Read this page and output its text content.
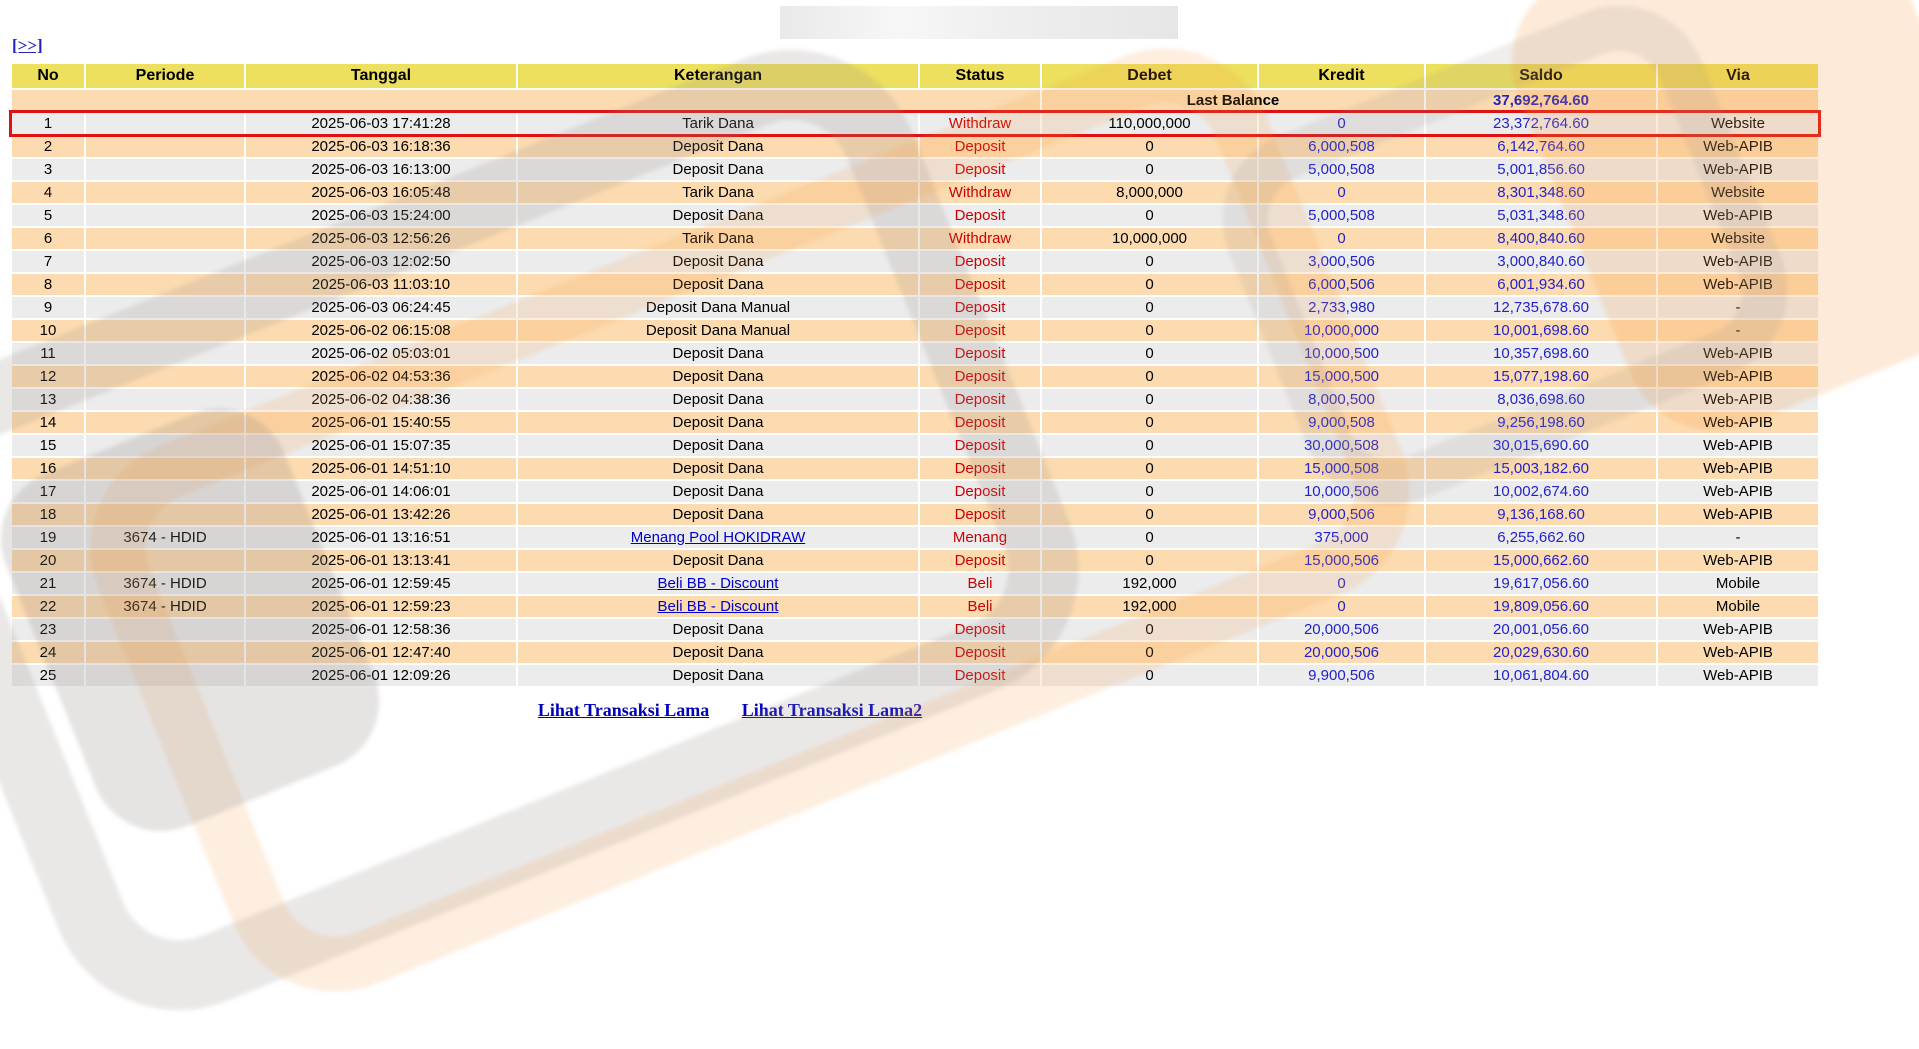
[>>]
No	Periode	Tanggal	Keterangan	Status	Debet	Kredit	Saldo	Via
					Last Balance		37,692,764.60	
1		2025-06-03 17:41:28	Tarik Dana	Withdraw	110,000,000	0	23,372,764.60	Website
2		2025-06-03 16:18:36	Deposit Dana	Deposit	0	6,000,508	6,142,764.60	Web-APIB
3		2025-06-03 16:13:00	Deposit Dana	Deposit	0	5,000,508	5,001,856.60	Web-APIB
4		2025-06-03 16:05:48	Tarik Dana	Withdraw	8,000,000	0	8,301,348.60	Website
5		2025-06-03 15:24:00	Deposit Dana	Deposit	0	5,000,508	5,031,348.60	Web-APIB
6		2025-06-03 12:56:26	Tarik Dana	Withdraw	10,000,000	0	8,400,840.60	Website
7		2025-06-03 12:02:50	Deposit Dana	Deposit	0	3,000,506	3,000,840.60	Web-APIB
8		2025-06-03 11:03:10	Deposit Dana	Deposit	0	6,000,506	6,001,934.60	Web-APIB
9		2025-06-03 06:24:45	Deposit Dana Manual	Deposit	0	2,733,980	12,735,678.60	-
10		2025-06-02 06:15:08	Deposit Dana Manual	Deposit	0	10,000,000	10,001,698.60	-
11		2025-06-02 05:03:01	Deposit Dana	Deposit	0	10,000,500	10,357,698.60	Web-APIB
12		2025-06-02 04:53:36	Deposit Dana	Deposit	0	15,000,500	15,077,198.60	Web-APIB
13		2025-06-02 04:38:36	Deposit Dana	Deposit	0	8,000,500	8,036,698.60	Web-APIB
14		2025-06-01 15:40:55	Deposit Dana	Deposit	0	9,000,508	9,256,198.60	Web-APIB
15		2025-06-01 15:07:35	Deposit Dana	Deposit	0	30,000,508	30,015,690.60	Web-APIB
16		2025-06-01 14:51:10	Deposit Dana	Deposit	0	15,000,508	15,003,182.60	Web-APIB
17		2025-06-01 14:06:01	Deposit Dana	Deposit	0	10,000,506	10,002,674.60	Web-APIB
18		2025-06-01 13:42:26	Deposit Dana	Deposit	0	9,000,506	9,136,168.60	Web-APIB
19	3674 - HDID	2025-06-01 13:16:51	Menang Pool HOKIDRAW	Menang	0	375,000	6,255,662.60	-
20		2025-06-01 13:13:41	Deposit Dana	Deposit	0	15,000,506	15,000,662.60	Web-APIB
21	3674 - HDID	2025-06-01 12:59:45	Beli BB - Discount	Beli	192,000	0	19,617,056.60	Mobile
22	3674 - HDID	2025-06-01 12:59:23	Beli BB - Discount	Beli	192,000	0	19,809,056.60	Mobile
23		2025-06-01 12:58:36	Deposit Dana	Deposit	0	20,000,506	20,001,056.60	Web-APIB
24		2025-06-01 12:47:40	Deposit Dana	Deposit	0	20,000,506	20,029,630.60	Web-APIB
25		2025-06-01 12:09:26	Deposit Dana	Deposit	0	9,900,506	10,061,804.60	Web-APIB
Lihat Transaksi Lama Lihat Transaksi Lama2
